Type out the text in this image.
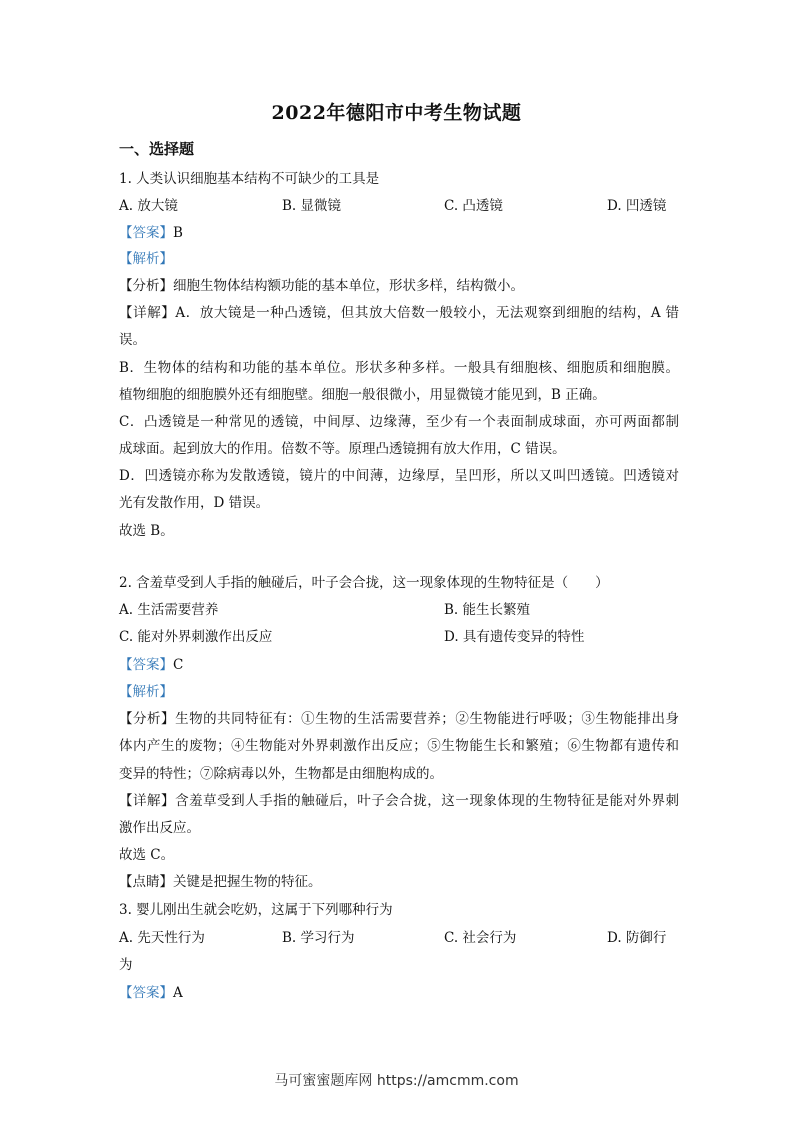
2022年德阳市中考生物试题
一、选择题
1. 人类认识细胞基本结构不可缺少的工具是
A. 放大镜	B. 显微镜	C. 凸透镜	D. 凹透镜
【答案】B
【解析】
【分析】细胞生物体结构额功能的基本单位，形状多样，结构微小。
【详解】A．放大镜是一种凸透镜，但其放大倍数一般较小，无法观察到细胞的结构，A 错
误。
B．生物体的结构和功能的基本单位。形状多种多样。一般具有细胞核、细胞质和细胞膜。
植物细胞的细胞膜外还有细胞壁。细胞一般很微小，用显微镜才能见到，B 正确。
C．凸透镜是一种常见的透镜，中间厚、边缘薄，至少有一个表面制成球面，亦可两面都制
成球面。起到放大的作用。倍数不等。原理凸透镜拥有放大作用，C 错误。
D．凹透镜亦称为发散透镜，镜片的中间薄，边缘厚，呈凹形，所以又叫凹透镜。凹透镜对
光有发散作用，D 错误。
故选 B。
2. 含羞草受到人手指的触碰后，叶子会合拢，这一现象体现的生物特征是（　　）
A. 生活需要营养	B. 能生长繁殖
C. 能对外界刺激作出反应	D. 具有遗传变异的特性
【答案】C
【解析】
【分析】生物的共同特征有：①生物的生活需要营养；②生物能进行呼吸；③生物能排出身
体内产生的废物；④生物能对外界刺激作出反应；⑤生物能生长和繁殖；⑥生物都有遗传和
变异的特性；⑦除病毒以外，生物都是由细胞构成的。
【详解】含羞草受到人手指的触碰后，叶子会合拢，这一现象体现的生物特征是能对外界刺
激作出反应。
故选 C。
【点睛】关键是把握生物的特征。
3. 婴儿刚出生就会吃奶，这属于下列哪种行为
A. 先天性行为	B. 学习行为	C. 社会行为	D. 防御行
为
【答案】A
马可蜜蜜题库网 https://amcmm.com
